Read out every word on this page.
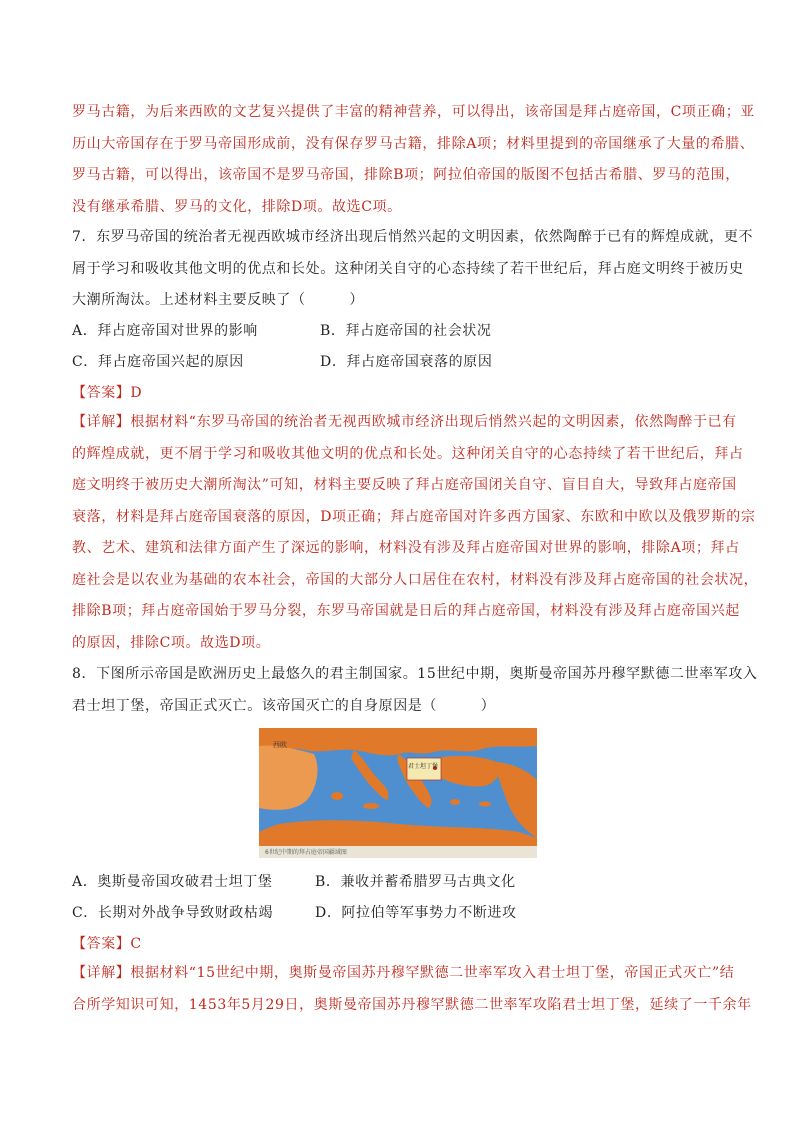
罗马古籍，为后来西欧的文艺复兴提供了丰富的精神营养，可以得出，该帝国是拜占庭帝国，C项正确；亚
历山大帝国存在于罗马帝国形成前，没有保存罗马古籍，排除A项；材料里提到的帝国继承了大量的希腊、
罗马古籍，可以得出，该帝国不是罗马帝国，排除B项；阿拉伯帝国的版图不包括古希腊、罗马的范围，
没有继承希腊、罗马的文化，排除D项。故选C项。
7．东罗马帝国的统治者无视西欧城市经济出现后悄然兴起的文明因素，依然陶醉于已有的辉煌成就，更不
屑于学习和吸收其他文明的优点和长处。这种闭关自守的心态持续了若干世纪后，拜占庭文明终于被历史
大潮所淘汰。上述材料主要反映了（　　　）
A．拜占庭帝国对世界的影响	B．拜占庭帝国的社会状况
C．拜占庭帝国兴起的原因	D．拜占庭帝国衰落的原因
【答案】D
【详解】根据材料“东罗马帝国的统治者无视西欧城市经济出现后悄然兴起的文明因素，依然陶醉于已有
的辉煌成就，更不屑于学习和吸收其他文明的优点和长处。这种闭关自守的心态持续了若干世纪后，拜占
庭文明终于被历史大潮所淘汰”可知，材料主要反映了拜占庭帝国闭关自守、盲目自大，导致拜占庭帝国
衰落，材料是拜占庭帝国衰落的原因，D项正确；拜占庭帝国对许多西方国家、东欧和中欧以及俄罗斯的宗
教、艺术、建筑和法律方面产生了深远的影响，材料没有涉及拜占庭帝国对世界的影响，排除A项；拜占
庭社会是以农业为基础的农本社会，帝国的大部分人口居住在农村，材料没有涉及拜占庭帝国的社会状况，
排除B项；拜占庭帝国始于罗马分裂，东罗马帝国就是日后的拜占庭帝国，材料没有涉及拜占庭帝国兴起
的原因，排除C项。故选D项。
8．下图所示帝国是欧洲历史上最悠久的君主制国家。15世纪中期，奥斯曼帝国苏丹穆罕默德二世率军攻入
君士坦丁堡，帝国正式灭亡。该帝国灭亡的自身原因是（　　　）
西欧
君士坦丁堡
6世纪中期的拜占庭帝国疆域图
A．奥斯曼帝国攻破君士坦丁堡	B．兼收并蓄希腊罗马古典文化
C．长期对外战争导致财政枯竭	D．阿拉伯等军事势力不断进攻
【答案】C
【详解】根据材料“15世纪中期，奥斯曼帝国苏丹穆罕默德二世率军攻入君士坦丁堡，帝国正式灭亡”结
合所学知识可知，1453年5月29日，奥斯曼帝国苏丹穆罕默德二世率军攻陷君士坦丁堡，延续了一千余年
